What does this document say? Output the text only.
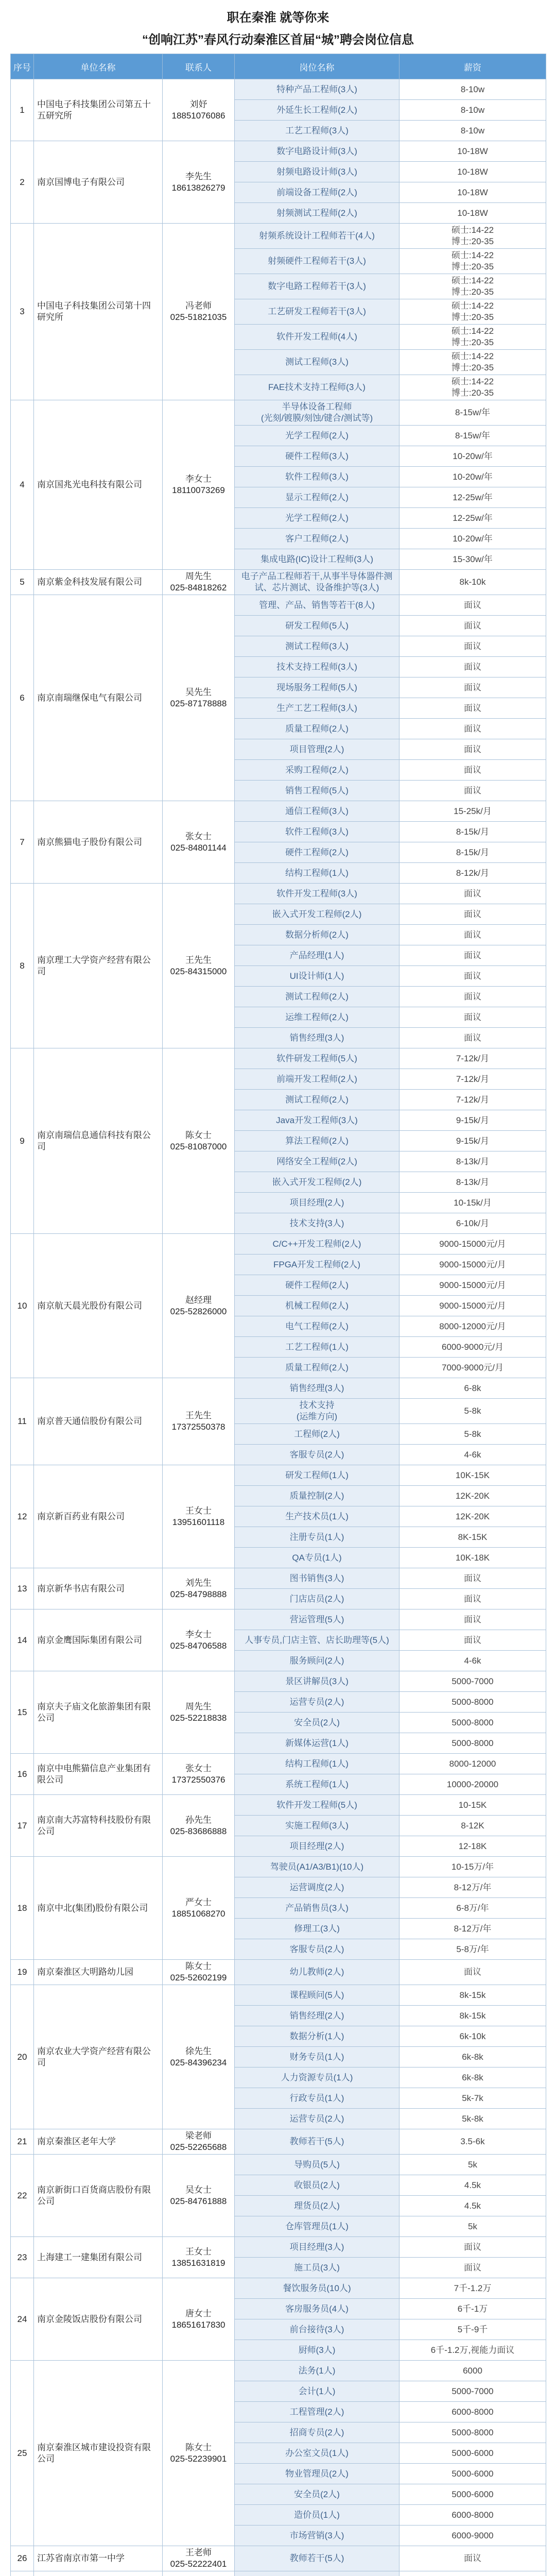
职在秦淮 就等你来
“创响江苏”春风行动秦淮区首届“城”聘会岗位信息
序号	单位名称	联系人	岗位名称	薪资
1	中国电子科技集团公司第五十五研究所	刘妤
18851076086	特种产品工程师(3人)	8-10w
			外延生长工程师(2人)	8-10w
			工艺工程师(3人)	8-10w
2	南京国博电子有限公司	李先生
18613826279	数字电路设计师(3人)	10-18W
			射频电路设计师(3人)	10-18W
			前端设备工程师(2人)	10-18W
			射频测试工程师(2人)	10-18W
3	中国电子科技集团公司第十四研究所	冯老师
025-51821035	射频系统设计工程师若干(4人)	硕士:14-22
博士:20-35
			射频硬件工程师若干(3人)	硕士:14-22
博士:20-35
			数字电路工程师若干(3人)	硕士:14-22
博士:20-35
			工艺研发工程师若干(3人)	硕士:14-22
博士:20-35
			软件开发工程师(4人)	硕士:14-22
博士:20-35
			测试工程师(3人)	硕士:14-22
博士:20-35
			FAE技术支持工程师(3人)	硕士:14-22
博士:20-35
4	南京国兆光电科技有限公司	李女士
18110073269	半导体设备工程师
(光刻/镀膜/刻蚀/键合/测试等)	8-15w/年
			光学工程师(2人)	8-15w/年
			硬件工程师(3人)	10-20w/年
			软件工程师(3人)	10-20w/年
			显示工程师(2人)	12-25w/年
			光学工程师(2人)	12-25w/年
			客户工程师(2人)	10-20w/年
			集成电路(IC)设计工程师(3人)	15-30w/年
5	南京紫金科技发展有限公司	周先生
025-84818262	电子产品工程师若干,从事半导体器件测试、芯片测试、设备维护等(3人)	8k-10k
6	南京南瑞继保电气有限公司	吴先生
025-87178888	管理、产品、销售等若干(8人)	面议
			研发工程师(5人)	面议
			测试工程师(3人)	面议
			技术支持工程师(3人)	面议
			现场服务工程师(5人)	面议
			生产工艺工程师(3人)	面议
			质量工程师(2人)	面议
			项目管理(2人)	面议
			采购工程师(2人)	面议
			销售工程师(5人)	面议
7	南京熊猫电子股份有限公司	张女士
025-84801144	通信工程师(3人)	15-25k/月
			软件工程师(3人)	8-15k/月
			硬件工程师(2人)	8-15k/月
			结构工程师(1人)	8-12k/月
8	南京理工大学资产经营有限公司	王先生
025-84315000	软件开发工程师(3人)	面议
			嵌入式开发工程师(2人)	面议
			数据分析师(2人)	面议
			产品经理(1人)	面议
			UI设计师(1人)	面议
			测试工程师(2人)	面议
			运维工程师(2人)	面议
			销售经理(3人)	面议
9	南京南瑞信息通信科技有限公司	陈女士
025-81087000	软件研发工程师(5人)	7-12k/月
			前端开发工程师(2人)	7-12k/月
			测试工程师(2人)	7-12k/月
			Java开发工程师(3人)	9-15k/月
			算法工程师(2人)	9-15k/月
			网络安全工程师(2人)	8-13k/月
			嵌入式开发工程师(2人)	8-13k/月
			项目经理(2人)	10-15k/月
			技术支持(3人)	6-10k/月
10	南京航天晨光股份有限公司	赵经理
025-52826000	C/C++开发工程师(2人)	9000-15000元/月
			FPGA开发工程师(2人)	9000-15000元/月
			硬件工程师(2人)	9000-15000元/月
			机械工程师(2人)	9000-15000元/月
			电气工程师(2人)	8000-12000元/月
			工艺工程师(1人)	6000-9000元/月
			质量工程师(2人)	7000-9000元/月
11	南京普天通信股份有限公司	王先生
17372550378	销售经理(3人)	6-8k
			技术支持
(运维方向)	5-8k
			工程师(2人)	5-8k
			客服专员(2人)	4-6k
12	南京新百药业有限公司	王女士
13951601118	研发工程师(1人)	10K-15K
			质量控制(2人)	12K-20K
			生产技术员(1人)	12K-20K
			注册专员(1人)	8K-15K
			QA专员(1人)	10K-18K
13	南京新华书店有限公司	刘先生
025-84798888	图书销售(3人)	面议
			门店店员(2人)	面议
14	南京金鹰国际集团有限公司	李女士
025-84706588	营运管理(5人)	面议
			人事专员,门店主管、店长助理等(5人)	面议
			服务顾问(2人)	4-6k
15	南京夫子庙文化旅游集团有限公司	周先生
025-52218838	景区讲解员(3人)	5000-7000
			运营专员(2人)	5000-8000
			安全员(2人)	5000-8000
			新媒体运营(1人)	5000-8000
16	南京中电熊猫信息产业集团有限公司	张女士
17372550376	结构工程师(1人)	8000-12000
			系统工程师(1人)	10000-20000
17	南京南大苏富特科技股份有限公司	孙先生
025-83686888	软件开发工程师(5人)	10-15K
			实施工程师(3人)	8-12K
			项目经理(2人)	12-18K
18	南京中北(集团)股份有限公司	严女士
18851068270	驾驶员(A1/A3/B1)(10人)	10-15万/年
			运营调度(2人)	8-12万/年
			产品销售员(3人)	6-8万/年
			修理工(3人)	8-12万/年
			客服专员(2人)	5-8万/年
19	南京秦淮区大明路幼儿园	陈女士
025-52602199	幼儿教师(2人)	面议
20	南京农业大学资产经营有限公司	徐先生
025-84396234	课程顾问(5人)	8k-15k
			销售经理(2人)	8k-15k
			数据分析(1人)	6k-10k
			财务专员(1人)	6k-8k
			人力资源专员(1人)	6k-8k
			行政专员(1人)	5k-7k
			运营专员(2人)	5k-8k
21	南京秦淮区老年大学	梁老师
025-52265688	教师若干(5人)	3.5-6k
22	南京新街口百货商店股份有限公司	吴女士
025-84761888	导购员(5人)	5k
			收银员(2人)	4.5k
			理货员(2人)	4.5k
			仓库管理员(1人)	5k
23	上海建工一建集团有限公司	王女士
13851631819	项目经理(3人)	面议
			施工员(3人)	面议
24	南京金陵饭店股份有限公司	唐女士
18651617830	餐饮服务员(10人)	7千-1.2万
			客房服务员(4人)	6千-1万
			前台接待(3人)	5千-9千
			厨师(3人)	6千-1.2万,视能力面议
25	南京秦淮区城市建设投资有限公司	陈女士
025-52239901	法务(1人)	6000
			会计(1人)	5000-7000
			工程管理(2人)	6000-8000
			招商专员(2人)	5000-8000
			办公室文员(1人)	5000-6000
			物业管理员(2人)	5000-6000
			安全员(2人)	5000-6000
			造价员(1人)	6000-8000
			市场营销(3人)	6000-9000
26	江苏省南京市第一中学	王老师
025-52222401	教师若干(5人)	面议
